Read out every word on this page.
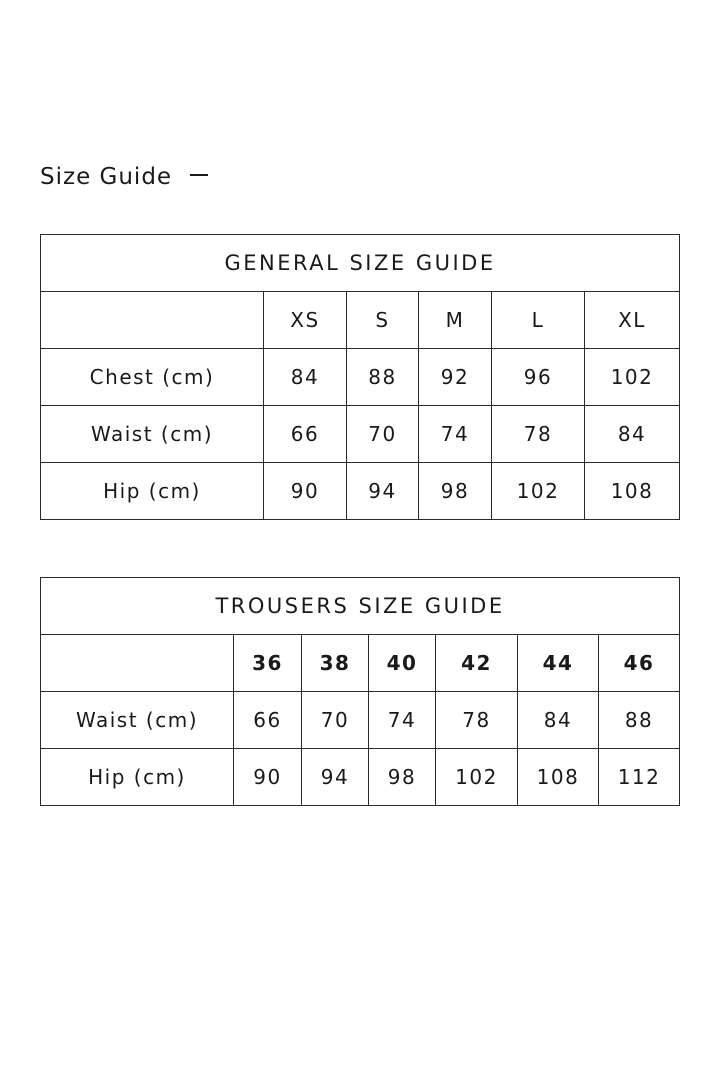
Size Guide
GENERAL SIZE GUIDE					
	XS	S	M	L	XL
Chest (cm)	84	88	92	96	102
Waist (cm)	66	70	74	78	84
Hip (cm)	90	94	98	102	108
TROUSERS SIZE GUIDE						
	36	38	40	42	44	46
Waist (cm)	66	70	74	78	84	88
Hip (cm)	90	94	98	102	108	112
